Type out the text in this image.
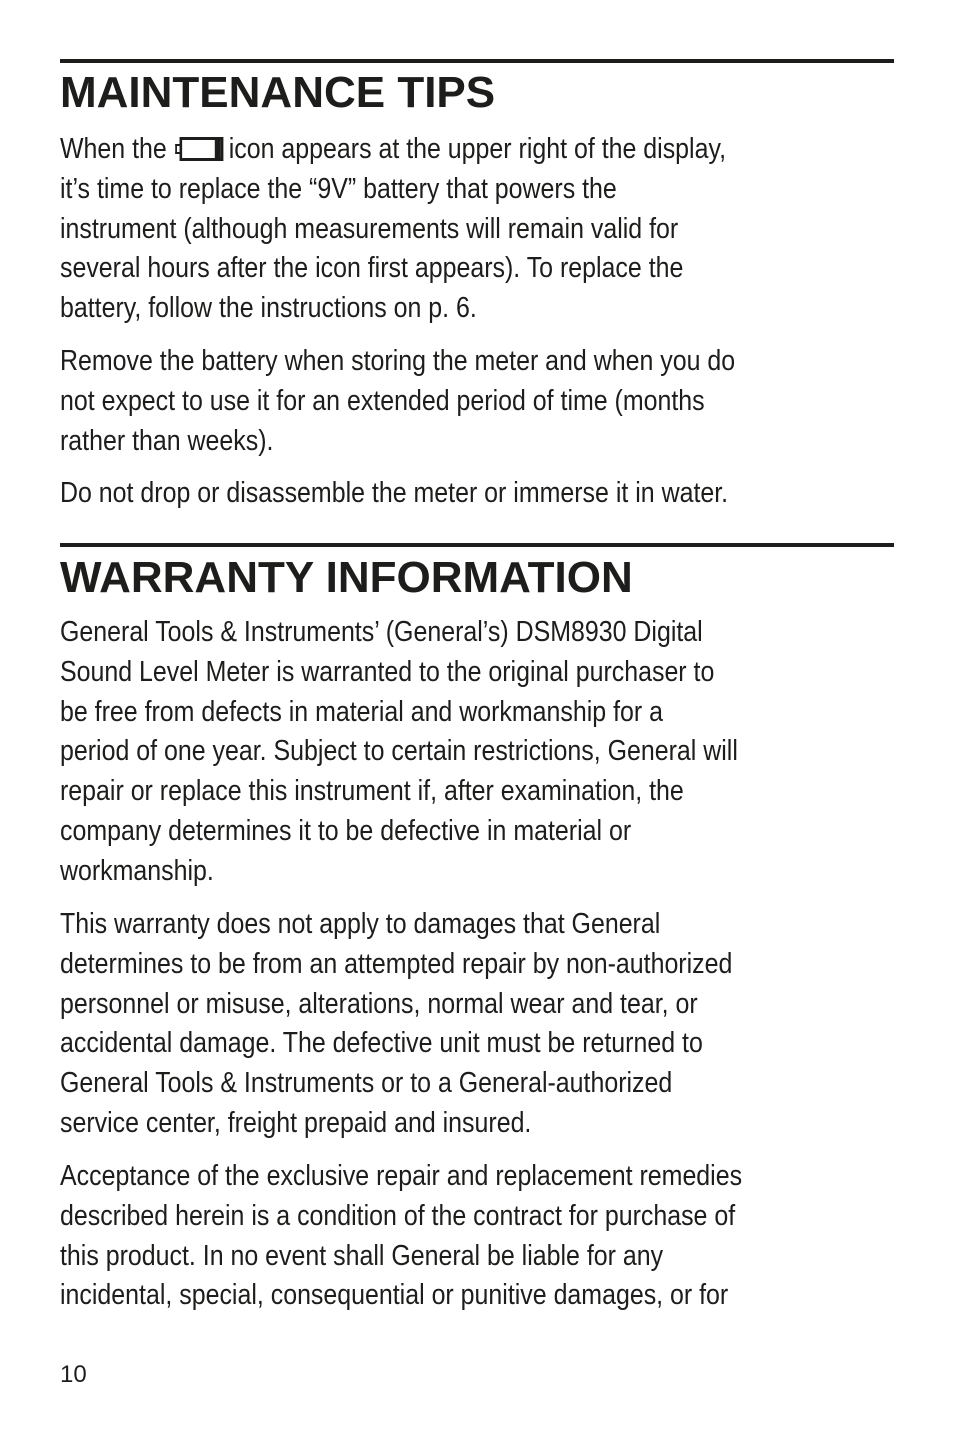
MAINTENANCE TIPS
When the icon appears at the upper right of the display,
it’s time to replace the “9V” battery that powers the
instrument (although measurements will remain valid for
several hours after the icon first appears). To replace the
battery, follow the instructions on p. 6.
Remove the battery when storing the meter and when you do
not expect to use it for an extended period of time (months
rather than weeks).
Do not drop or disassemble the meter or immerse it in water.
WARRANTY INFORMATION
General Tools & Instruments’ (General’s) DSM8930 Digital
Sound Level Meter is warranted to the original purchaser to
be free from defects in material and workmanship for a
period of one year. Subject to certain restrictions, General will
repair or replace this instrument if, after examination, the
company determines it to be defective in material or
workmanship.
This warranty does not apply to damages that General
determines to be from an attempted repair by non-authorized
personnel or misuse, alterations, normal wear and tear, or
accidental damage. The defective unit must be returned to
General Tools & Instruments or to a General-authorized
service center, freight prepaid and insured.
Acceptance of the exclusive repair and replacement remedies
described herein is a condition of the contract for purchase of
this product. In no event shall General be liable for any
incidental, special, consequential or punitive damages, or for
10
